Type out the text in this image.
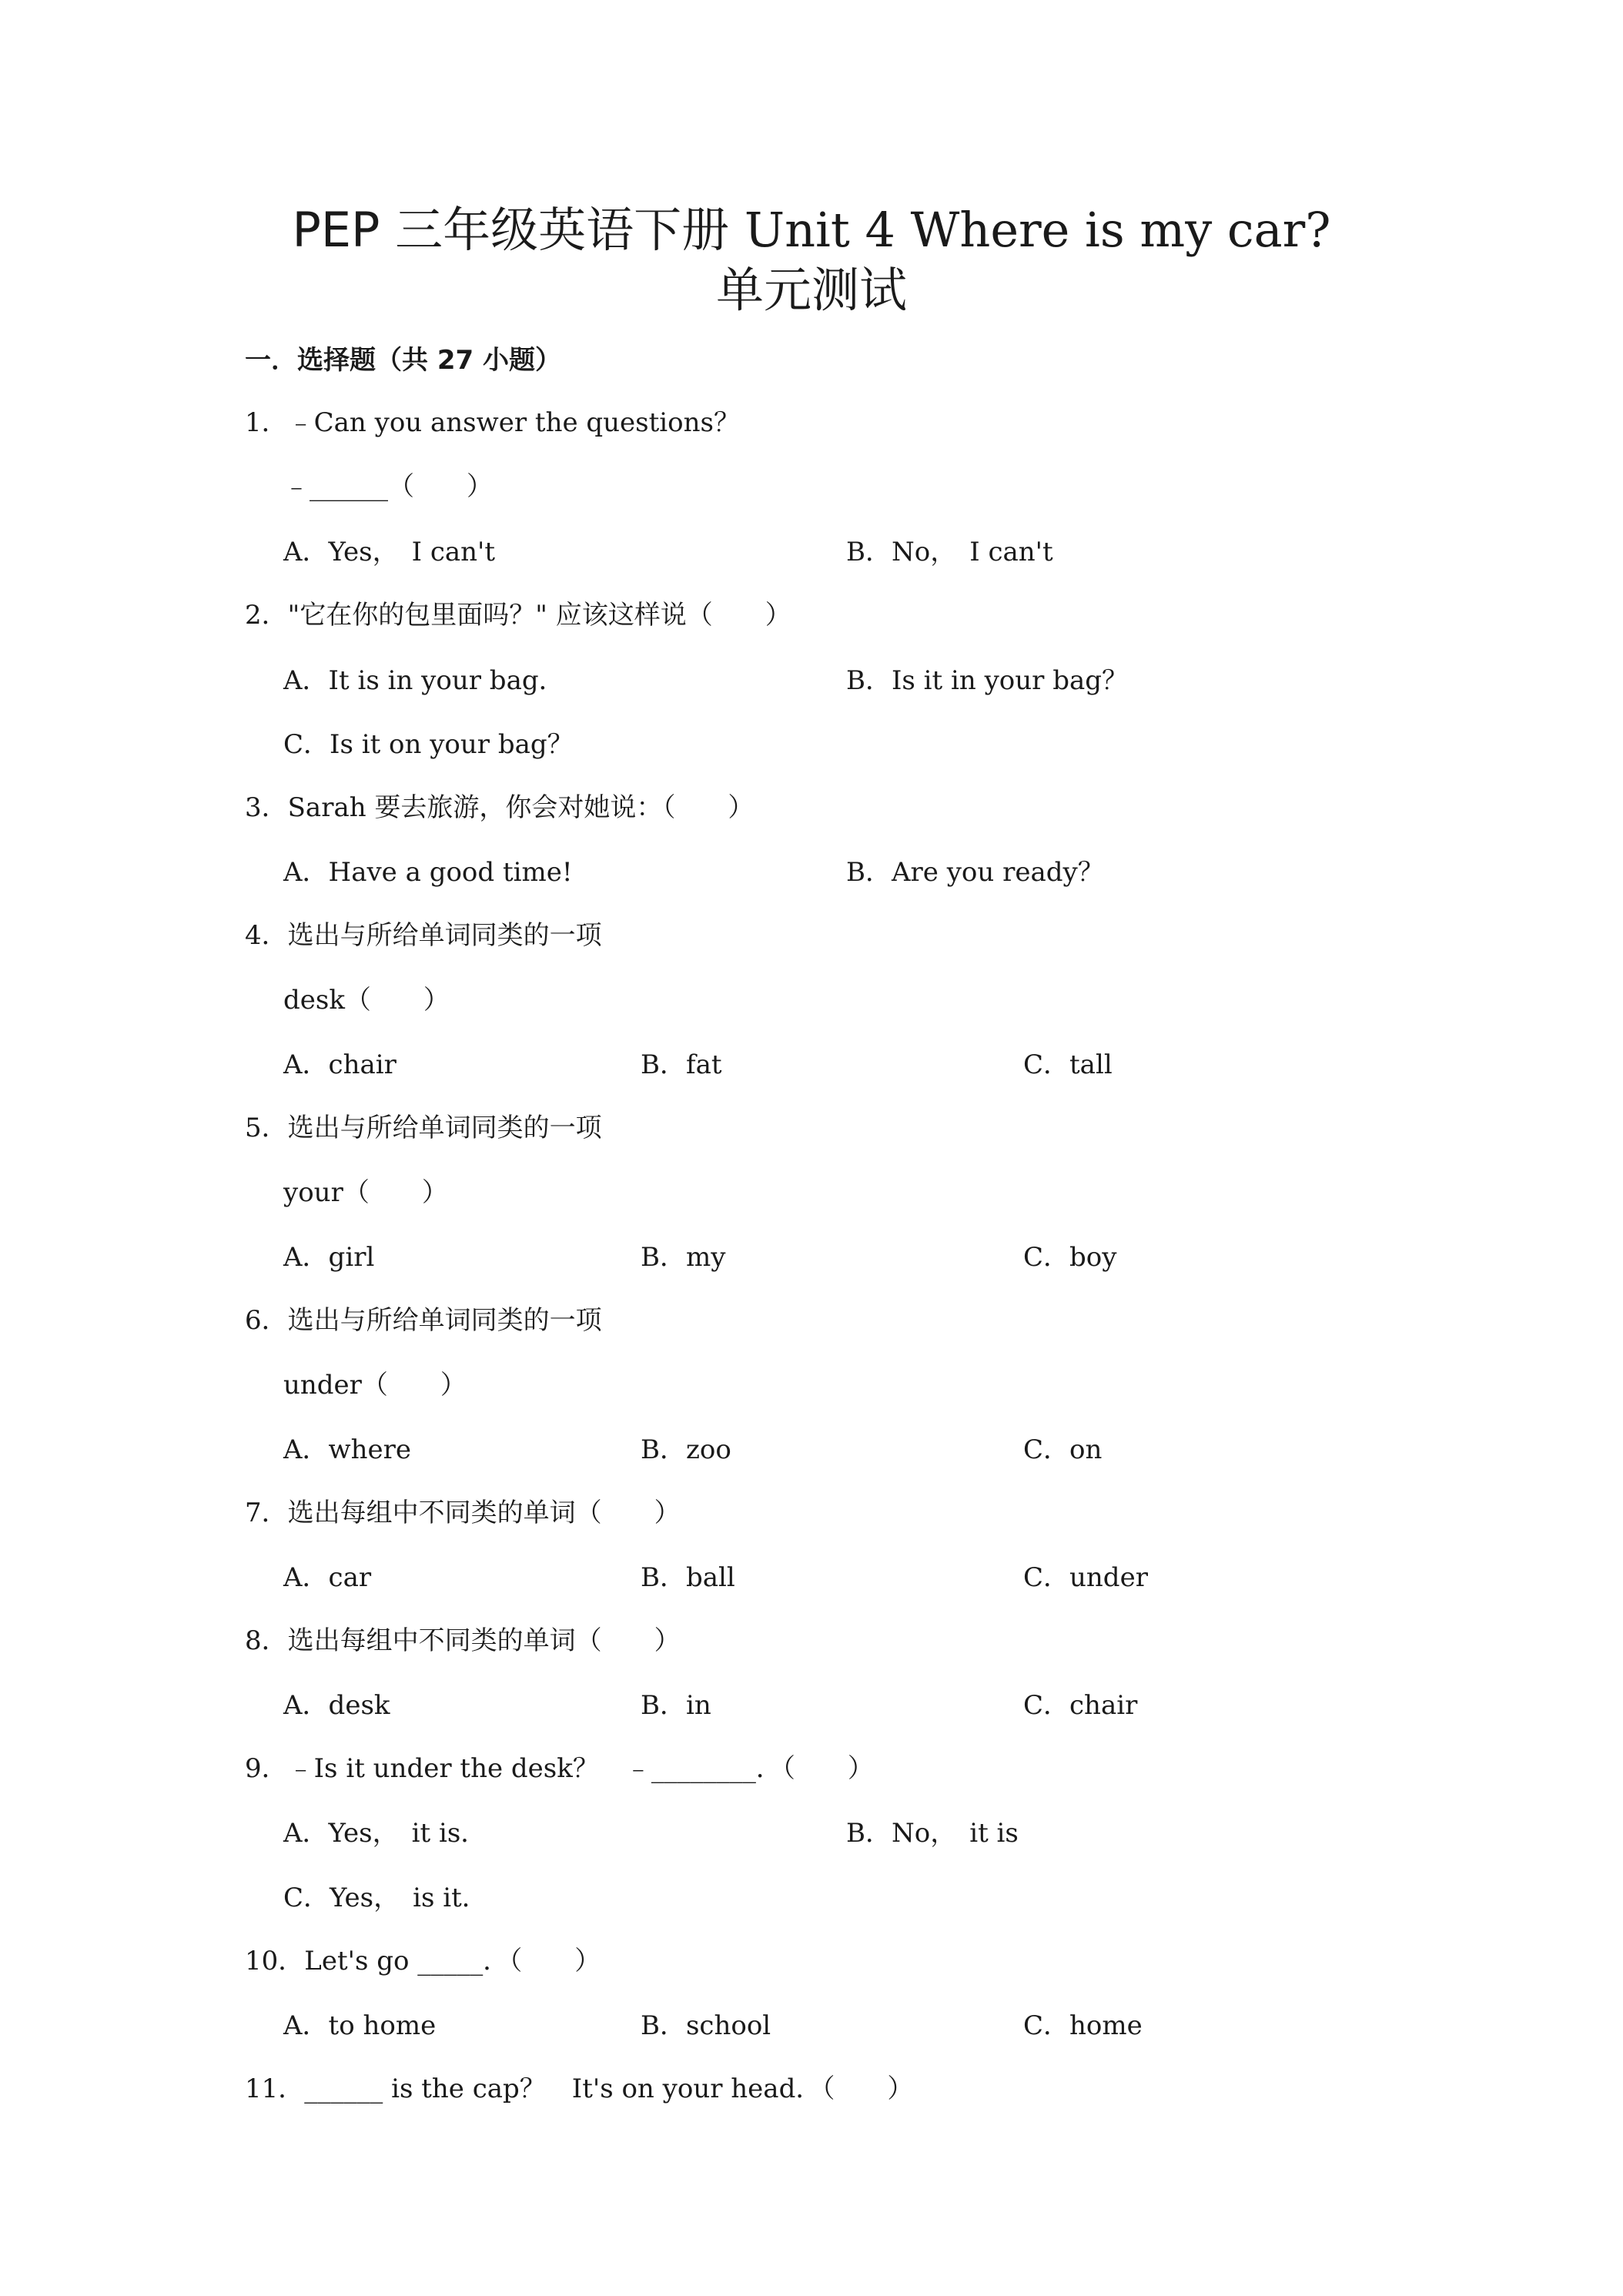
PEP 三年级英语下册 Unit 4 Where is my car?
单元测试
一．选择题（共 27 小题）
1．﹣Can you answer the questions？
﹣______（　　）
A．Yes，　I can't	B．No，　I can't
2．"它在你的包里面吗？" 应该这样说（　　）
A．It is in your bag．	B．Is it in your bag？
C．Is it on your bag？
3．Sarah 要去旅游，你会对她说：（　　）
A．Have a good time!	B．Are you ready？
4．选出与所给单词同类的一项
desk（　　）
A．chair	B．fat	C．tall
5．选出与所给单词同类的一项
your（　　）
A．girl	B．my	C．boy
6．选出与所给单词同类的一项
under（　　）
A．where	B．zoo	C．on
7．选出每组中不同类的单词（　　）
A．car	B．ball	C．under
8．选出每组中不同类的单词（　　）
A．desk	B．in	C．chair
9．﹣Is it under the desk？　﹣________．（　　）
A．Yes，　it is．	B．No，　it is
C．Yes，　is it．
10．Let's go _____．（　　）
A．to home	B．school	C．home
11．______ is the cap？　It's on your head．（　　）
